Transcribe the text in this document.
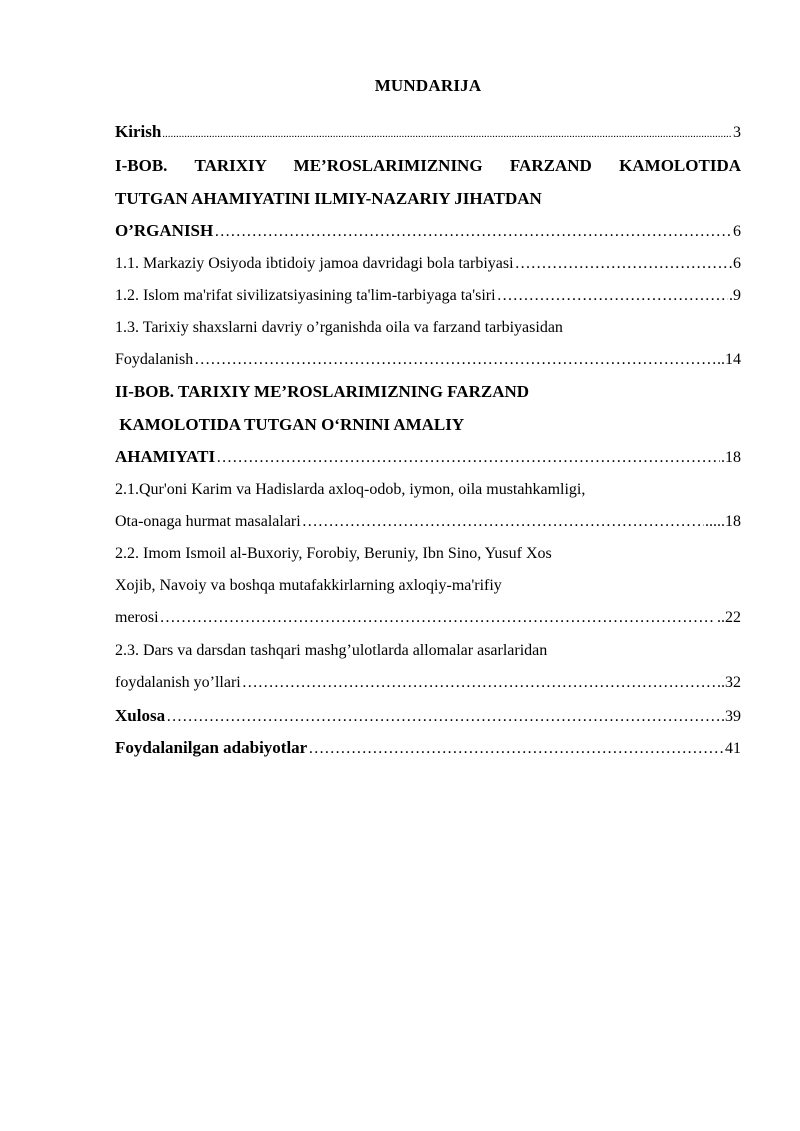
MUNDARIJA
Kirish .....	3
I-BOB. TARIXIY ME’ROSLARIMIZNING FARZAND KAMOLOTIDA
TUTGAN AHAMIYATINI ILMIY-NAZARIY JIHATDAN
O’RGANISH ……………………………………………………………………………………………………………………………………………………………	6
1.1. Markaziy Osiyoda ibtidoiy jamoa davridagi bola tarbiyasi ……………………………………………………………………………………………………………………………………………………………	6
1.2. Islom ma'rifat sivilizatsiyasining ta'lim-tarbiyaga ta'siri ……………………………………………………………………………………………………………………………………………………………	. 9
1.3. Tarixiy shaxslarni davriy o’rganishda oila va farzand tarbiyasidan
Foydalanish ……………………………………………………………………………………………………………………………………………………………	.. 14
II-BOB. TARIXIY ME’ROSLARIMIZNING FARZAND
KAMOLOTIDA TUTGAN O‘RNINI AMALIY
AHAMIYATI ……………………………………………………………………………………………………………………………………………………………	. 18
2.1.Qur'oni Karim va Hadislarda axloq-odob, iymon, oila mustahkamligi,
Ota-onaga hurmat masalalari ……………………………………………………………………………………………………………………………………………………………	..... 18
2.2. Imom Ismoil al-Buxoriy, Forobiy, Beruniy, Ibn Sino, Yusuf Xos
Xojib, Navoiy va boshqa mutafakkirlarning axloqiy-ma'rifiy
merosi ……………………………………………………………………………………………………………………………………………………………	.. 22
2.3. Dars va darsdan tashqari mashg’ulotlarda allomalar asarlaridan
foydalanish yo’llari ……………………………………………………………………………………………………………………………………………………………	.. 32
Xulosa ……………………………………………………………………………………………………………………………………………………………	. 39
Foydalanilgan adabiyotlar ……………………………………………………………………………………………………………………………………………………………	41
